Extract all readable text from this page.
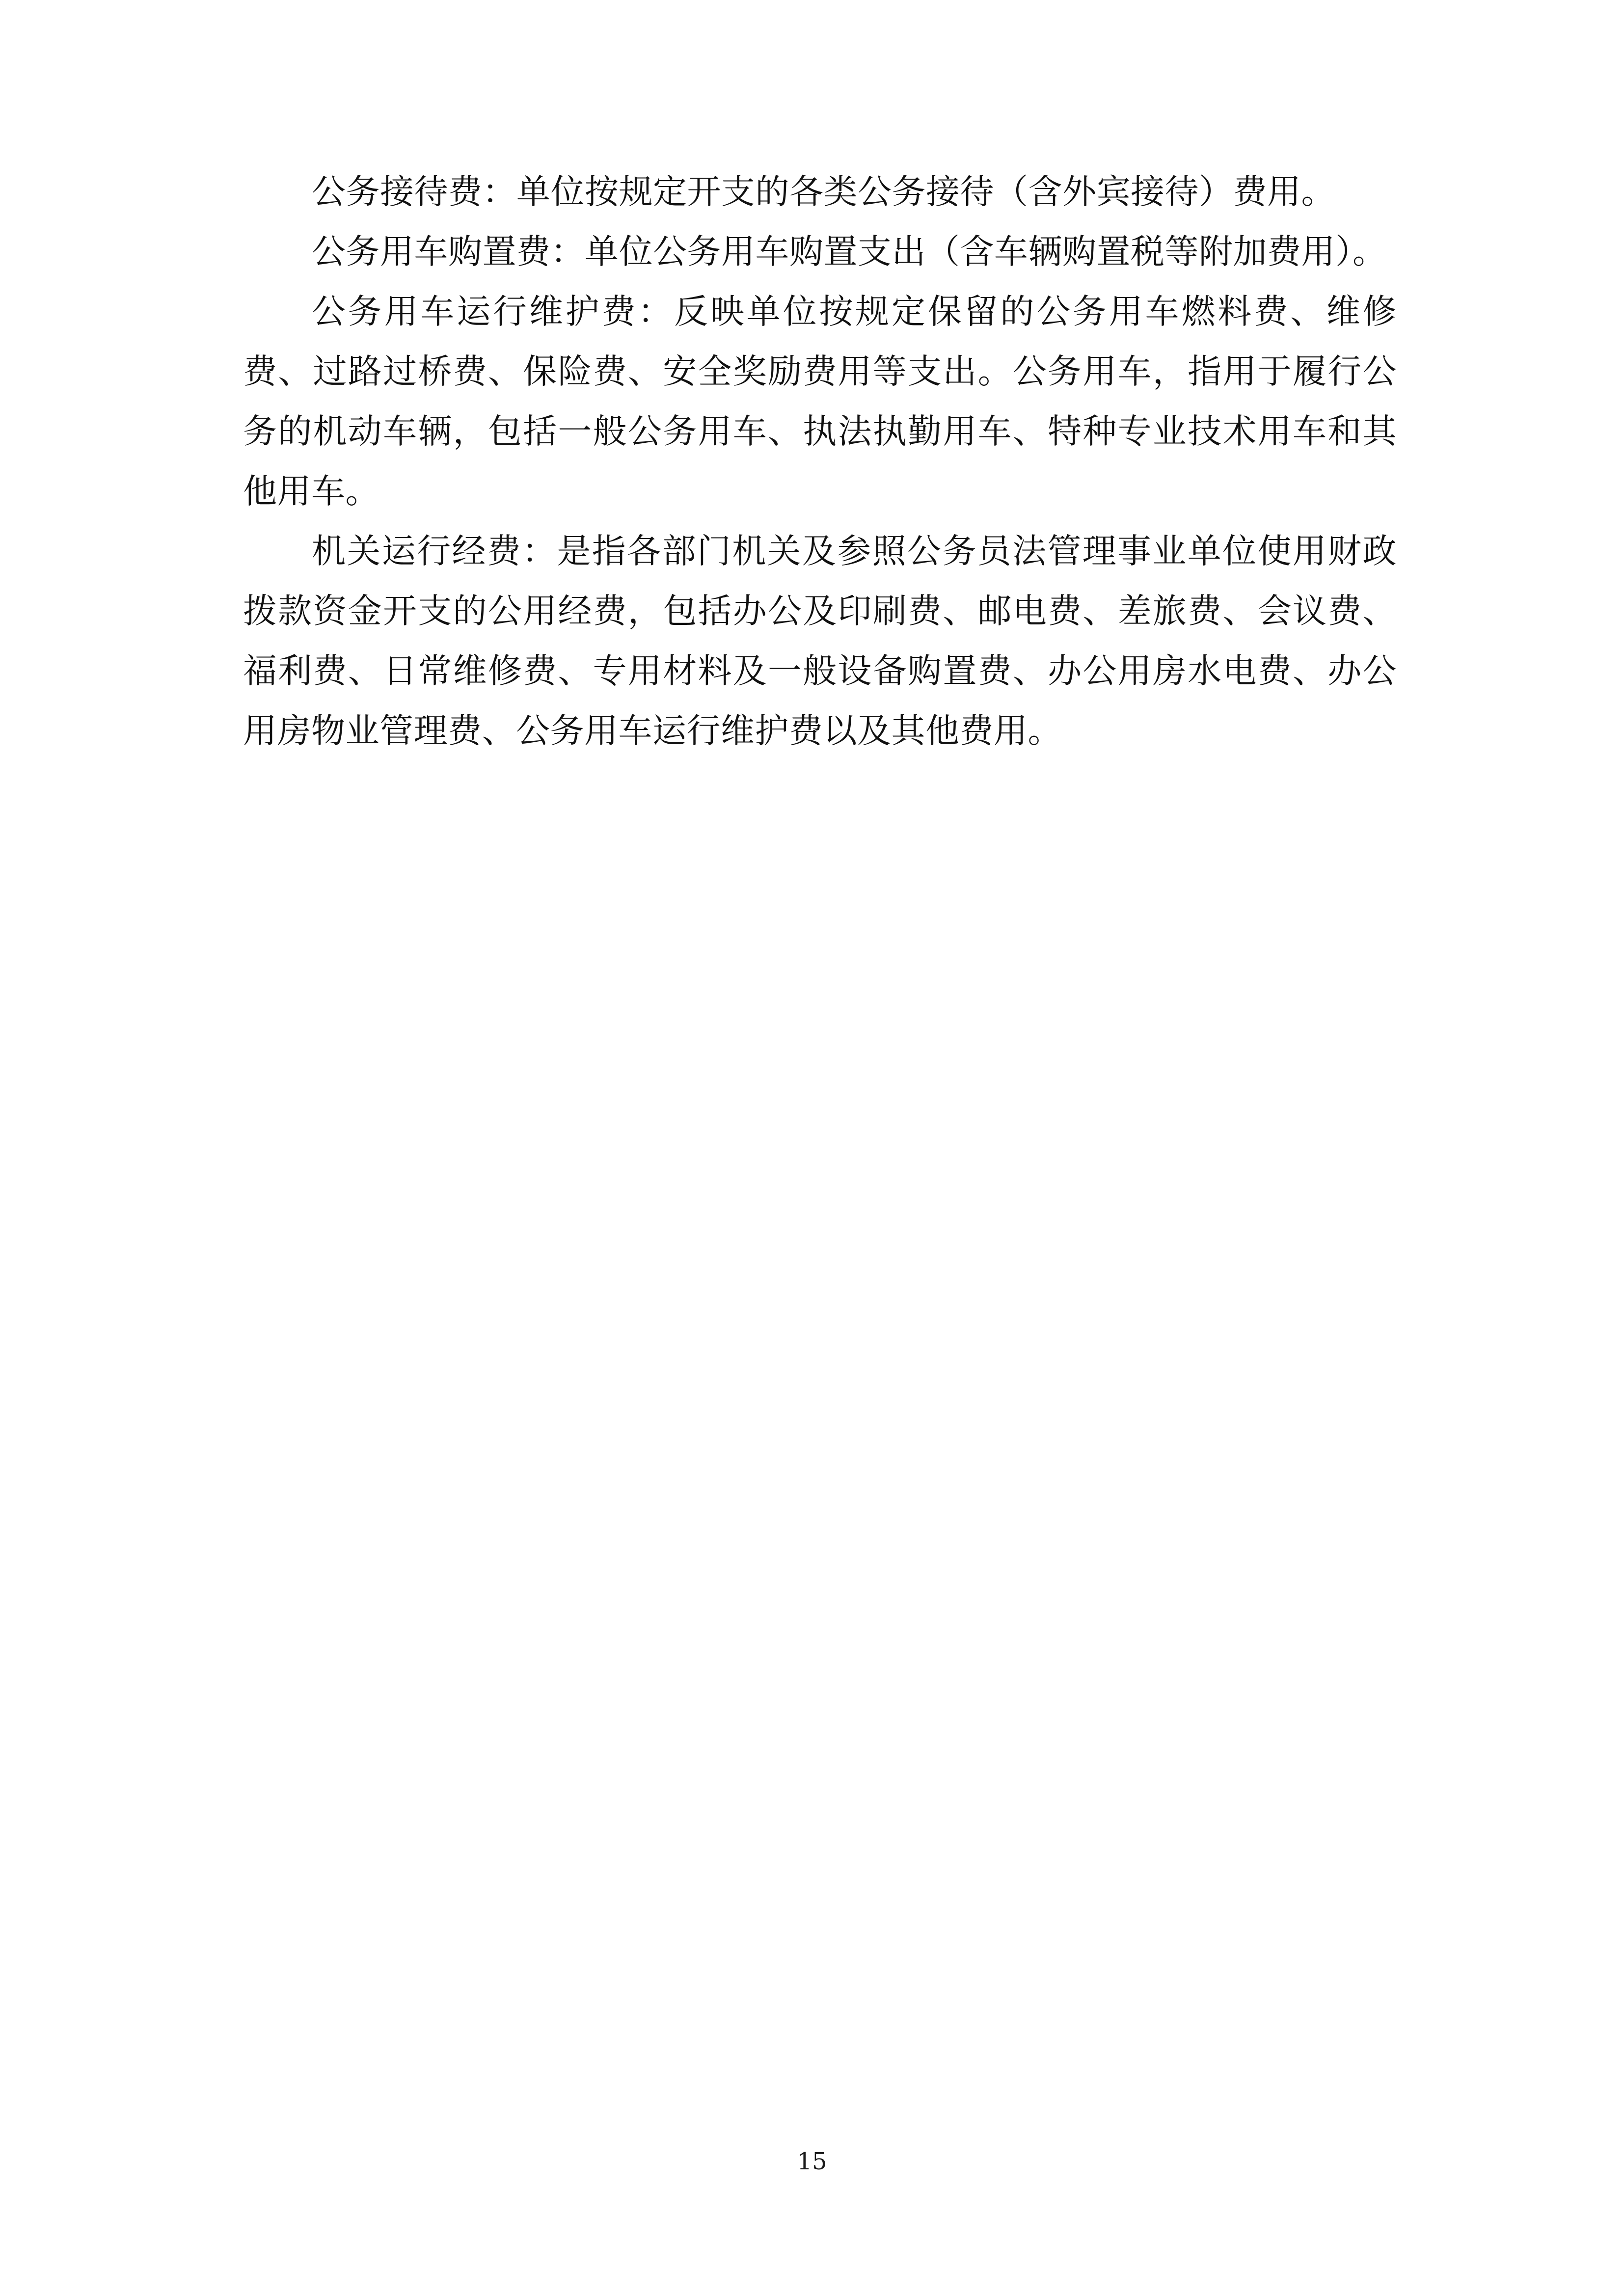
公务接待费：单位按规定开支的各类公务接待（含外宾接待）费用。

公务用车购置费：单位公务用车购置支出（含车辆购置税等附加费用）。

公务用车运行维护费：反映单位按规定保留的公务用车燃料费、维修费、过路过桥费、保险费、安全奖励费用等支出。公务用车，指用于履行公务的机动车辆，包括一般公务用车、执法执勤用车、特种专业技术用车和其他用车。

机关运行经费：是指各部门机关及参照公务员法管理事业单位使用财政拨款资金开支的公用经费，包括办公及印刷费、邮电费、差旅费、会议费、福利费、日常维修费、专用材料及一般设备购置费、办公用房水电费、办公用房物业管理费、公务用车运行维护费以及其他费用。

15
